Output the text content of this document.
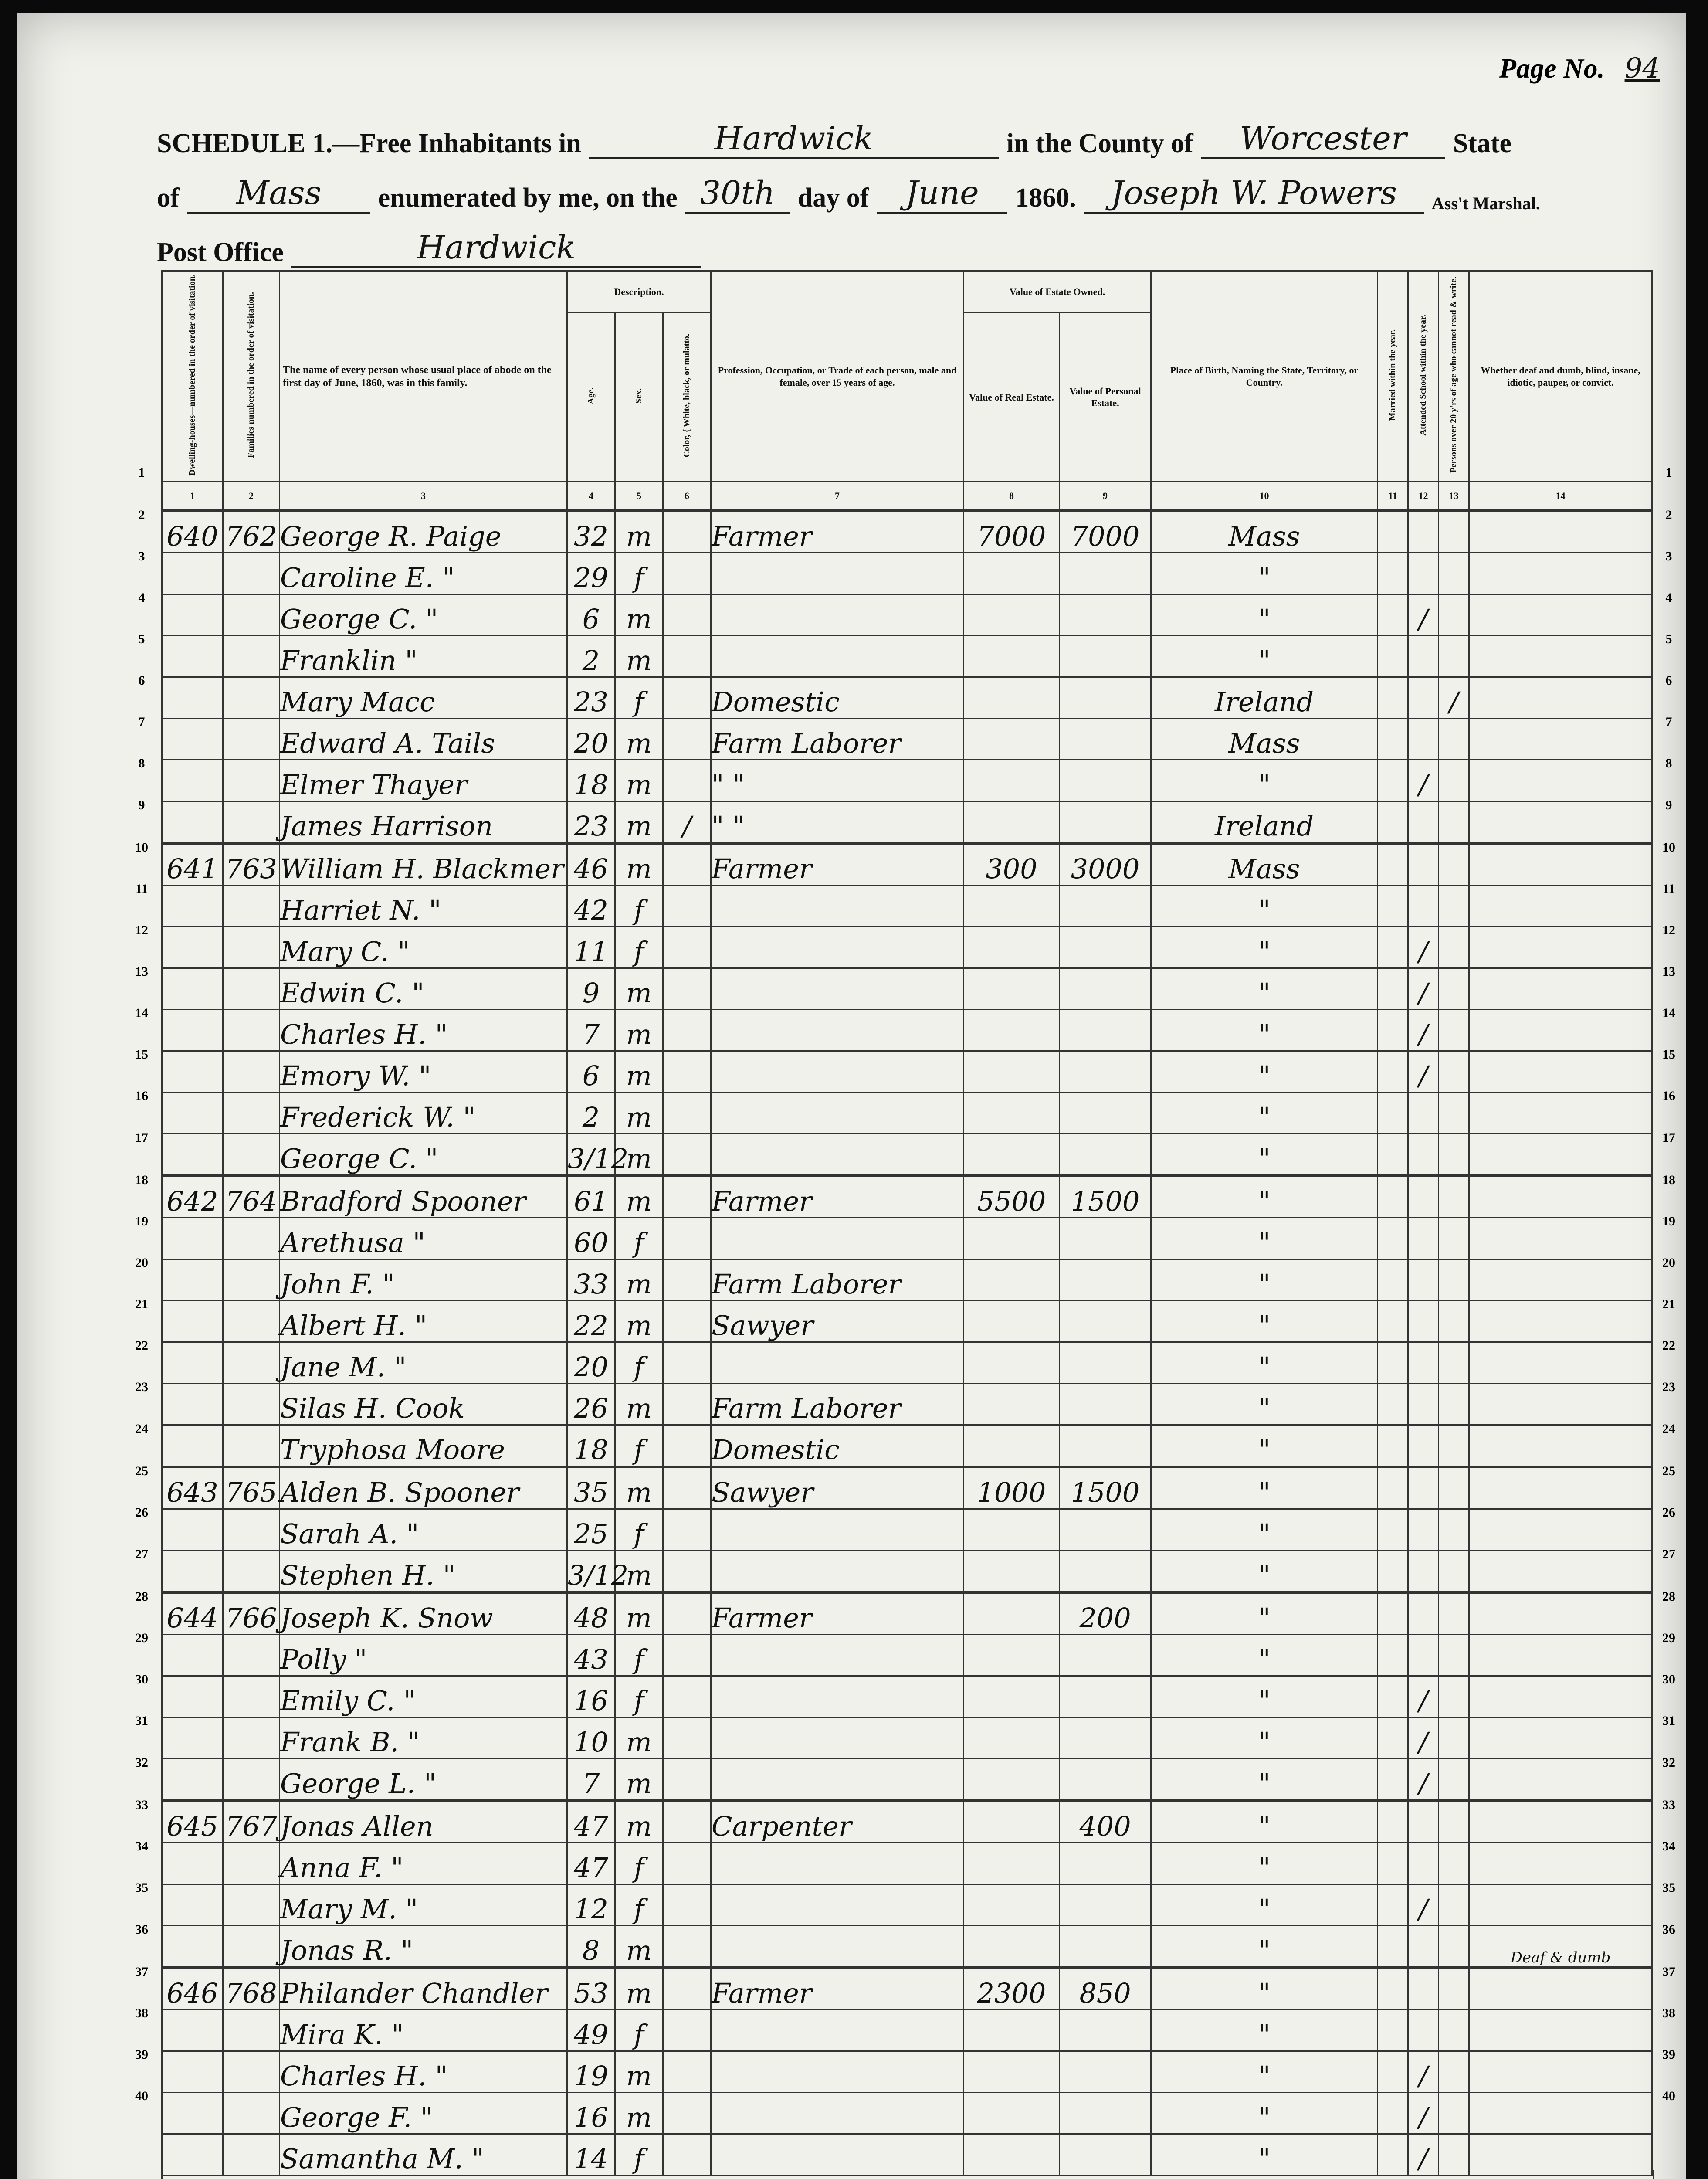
Page No. 94
SCHEDULE 1.—Free Inhabitants in	Hardwick	in the County of	Worcester	State
of	Mass	enumerated by me, on the 30th day of	June	1860.	Joseph W. Powers	Ass't Marshal.
Post Office	Hardwick
Dwelling-houses—numbered in the order of visitation.	Families numbered in the order of visitation.	The name of every person whose usual place of abode on the first day of June, 1860, was in this family.	Description.			Profession, Occupation, or Trade of each person, male and female, over 15 years of age.	Value of Estate Owned.		Place of Birth, Naming the State, Territory, or Country.	Married within the year.	Attended School within the year.	Persons over 20 y'rs of age who cannot read & write.	Whether deaf and dumb, blind, insane, idiotic, pauper, or convict.
			Age.	Sex.	Color, { White, black, or mulatto.		Value of Real Estate.	Value of Personal Estate.					
1	2	3	4	5	6	7	8	9	10	11	12	13	14
640	762	George R. Paige	32	m		Farmer	7000	7000	Mass				
		Caroline E. "	29	f					"				
		George C. "	6	m					"		/		
		Franklin "	2	m					"				
		Mary Macc	23	f		Domestic			Ireland			/	
		Edward A. Tails	20	m		Farm Laborer			Mass				
		Elmer Thayer	18	m		" "			"		/		
		James Harrison	23	m	/	" "			Ireland				
641	763	William H. Blackmer	46	m		Farmer	300	3000	Mass				
		Harriet N. "	42	f					"				
		Mary C. "	11	f					"		/		
		Edwin C. "	9	m					"		/		
		Charles H. "	7	m					"		/		
		Emory W. "	6	m					"		/		
		Frederick W. "	2	m					"				
		George C. "	3/12	m					"				
642	764	Bradford Spooner	61	m		Farmer	5500	1500	"				
		Arethusa "	60	f					"				
		John F. "	33	m		Farm Laborer			"				
		Albert H. "	22	m		Sawyer			"				
		Jane M. "	20	f					"				
		Silas H. Cook	26	m		Farm Laborer			"				
		Tryphosa Moore	18	f		Domestic			"				
643	765	Alden B. Spooner	35	m		Sawyer	1000	1500	"				
		Sarah A. "	25	f					"				
		Stephen H. "	3/12	m					"				
644	766	Joseph K. Snow	48	m		Farmer		200	"				
		Polly "	43	f					"				
		Emily C. "	16	f					"		/		
		Frank B. "	10	m					"		/		
		George L. "	7	m					"		/		
645	767	Jonas Allen	47	m		Carpenter		400	"				
		Anna F. "	47	f					"				
		Mary M. "	12	f					"		/		
		Jonas R. "	8	m					"				Deaf & dumb
646	768	Philander Chandler	53	m		Farmer	2300	850	"				
		Mira K. "	49	f					"				
		Charles H. "	19	m					"		/		
		George F. "	16	m					"		/		
		Samantha M. "	14	f					"		/		
1
2
3
4
5
6
7
8
9
10
11
12
13
14
15
16
17
18
19
20
21
22
23
24
25
26
27
28
29
30
31
32
33
34
35
36
37
38
39
40
1
2
3
4
5
6
7
8
9
10
11
12
13
14
15
16
17
18
19
20
21
22
23
24
25
26
27
28
29
30
31
32
33
34
35
36
37
38
39
40
